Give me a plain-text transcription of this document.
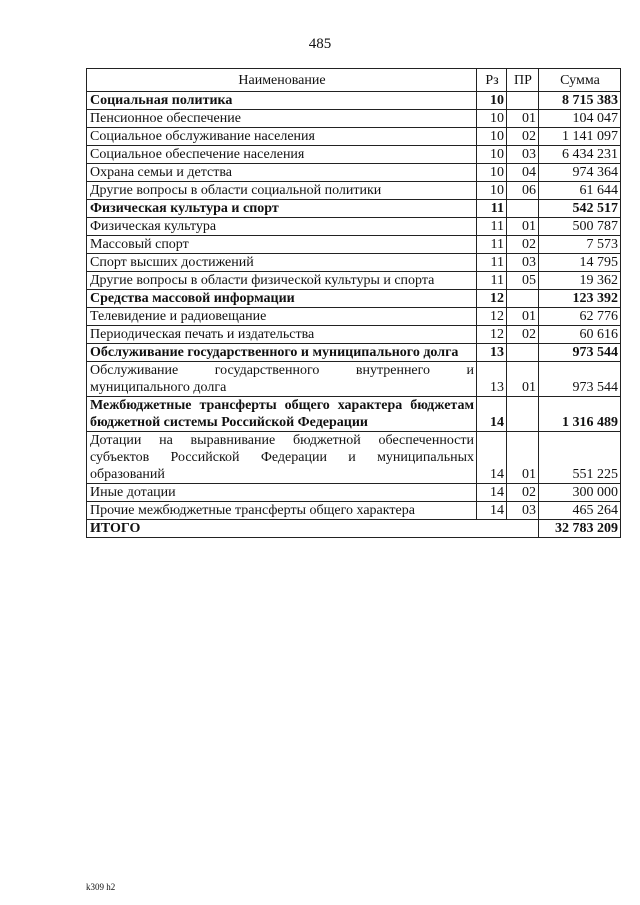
485
Наименование	Рз	ПР	Сумма
Социальная политика	10		8 715 383
Пенсионное обеспечение	10	01	104 047
Социальное обслуживание населения	10	02	1 141 097
Социальное обеспечение населения	10	03	6 434 231
Охрана семьи и детства	10	04	974 364
Другие вопросы в области социальной политики	10	06	61 644
Физическая культура и спорт	11		542 517
Физическая культура	11	01	500 787
Массовый спорт	11	02	7 573
Спорт высших достижений	11	03	14 795
Другие вопросы в области физической культуры и спорта	11	05	19 362
Средства массовой информации	12		123 392
Телевидение и радиовещание	12	01	62 776
Периодическая печать и издательства	12	02	60 616
Обслуживание государственного и муниципального долга	13		973 544
Обслуживание государственного внутреннего и муниципального долга	13	01	973 544
Межбюджетные трансферты общего характера бюджетам бюджетной системы Российской Федерации	14		1 316 489
Дотации на выравнивание бюджетной обеспеченности субъектов Российской Федерации и муниципальных образований	14	01	551 225
Иные дотации	14	02	300 000
Прочие межбюджетные трансферты общего характера	14	03	465 264
ИТОГО			32 783 209
k309 h2
